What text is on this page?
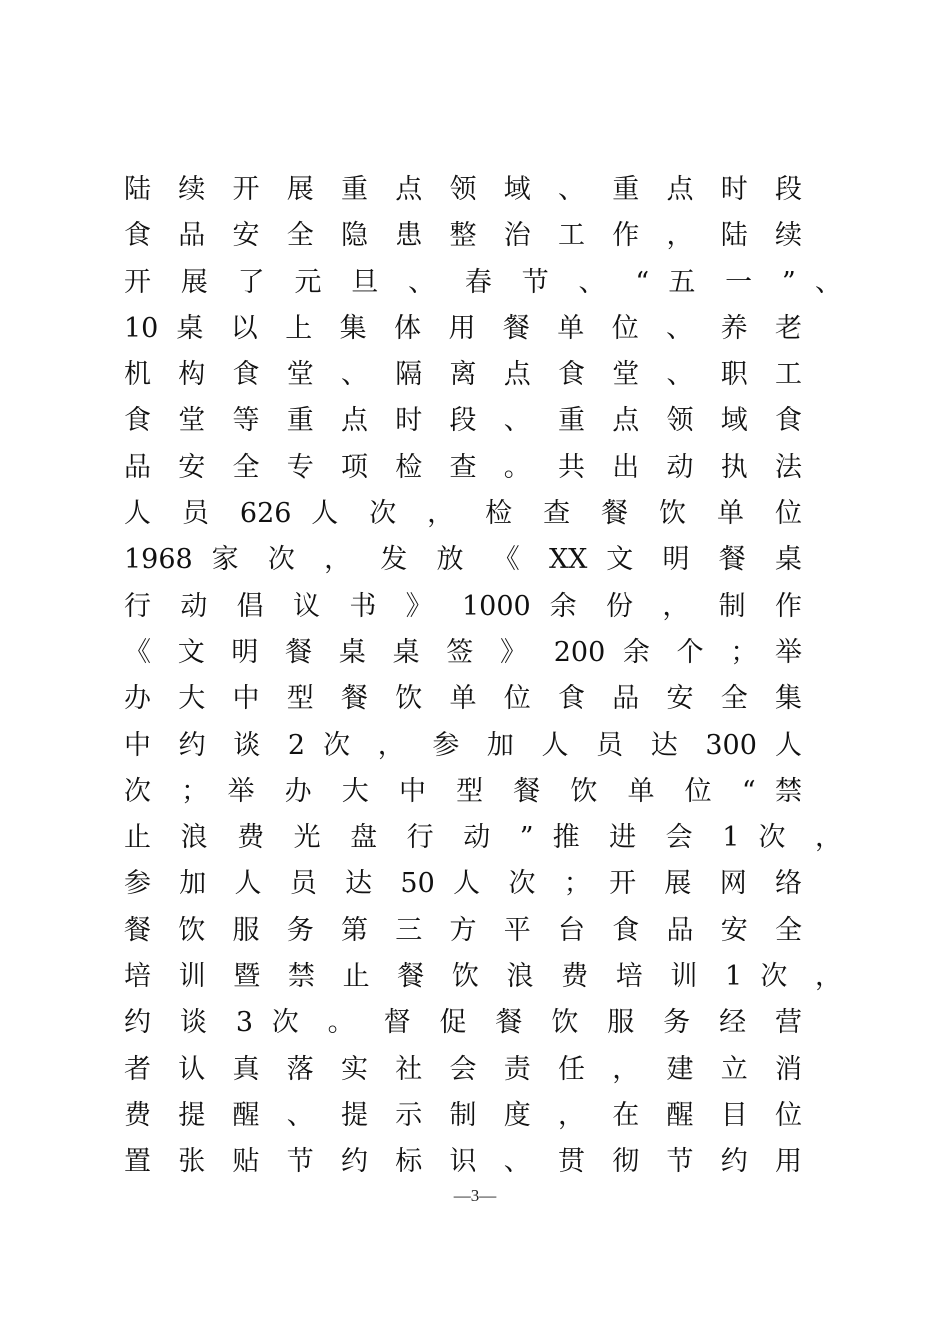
陆 续 开 展 重 点 领 域 、 重 点 时 段
食 品 安 全 隐 患 整 治 工 作 ， 陆 续
开 展 了 元 旦 、 春 节 、 “ 五 一 ” 、
10 桌 以 上 集 体 用 餐 单 位 、 养 老
机 构 食 堂 、 隔 离 点 食 堂 、 职 工
食 堂 等 重 点 时 段 、 重 点 领 域 食
品 安 全 专 项 检 查 。 共 出 动 执 法
人 员 626 人 次 ， 检 查 餐 饮 单 位
1968 家 次 ， 发 放 《 XX 文 明 餐 桌
行 动 倡 议 书 》 1000 余 份 ， 制 作
《 文 明 餐 桌 桌 签 》 200 余 个 ； 举
办 大 中 型 餐 饮 单 位 食 品 安 全 集
中 约 谈 2 次 ， 参 加 人 员 达 300 人
次 ； 举 办 大 中 型 餐 饮 单 位 “ 禁
止 浪 费 光 盘 行 动 ” 推 进 会 1 次 ，
参 加 人 员 达 50 人 次 ； 开 展 网 络
餐 饮 服 务 第 三 方 平 台 食 品 安 全
培 训 暨 禁 止 餐 饮 浪 费 培 训 1 次 ，
约 谈 3 次 。 督 促 餐 饮 服 务 经 营
者 认 真 落 实 社 会 责 任 ， 建 立 消
费 提 醒 、 提 示 制 度 ， 在 醒 目 位
置 张 贴 节 约 标 识 、 贯 彻 节 约 用
—3—
